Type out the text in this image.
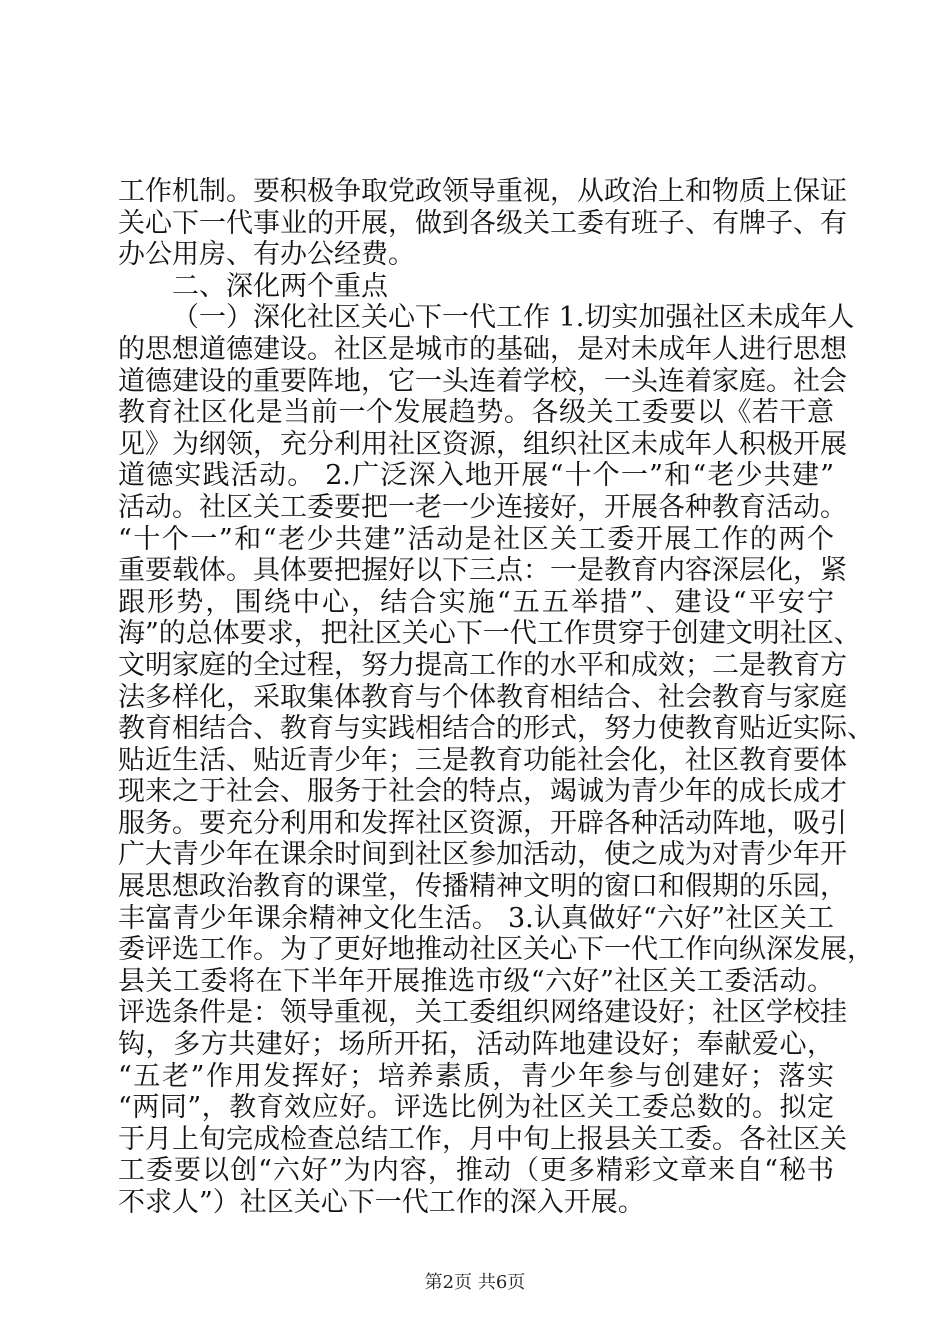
工作机制。要积极争取党政领导重视，从政治上和物质上保证
关心下一代事业的开展，做到各级关工委有班子、有牌子、有
办公用房、有办公经费。
二、深化两个重点
（一）深化社区关心下一代工作 1.切实加强社区未成年人
的思想道德建设。社区是城市的基础，是对未成年人进行思想
道德建设的重要阵地，它一头连着学校，一头连着家庭。社会
教育社区化是当前一个发展趋势。各级关工委要以《若干意
见》为纲领，充分利用社区资源，组织社区未成年人积极开展
道德实践活动。 2.广泛深入地开展“十个一”和“老少共建”
活动。社区关工委要把一老一少连接好，开展各种教育活动。
“十个一”和“老少共建”活动是社区关工委开展工作的两个
重要载体。具体要把握好以下三点：一是教育内容深层化，紧
跟形势，围绕中心，结合实施“五五举措”、建设“平安宁
海”的总体要求，把社区关心下一代工作贯穿于创建文明社区、
文明家庭的全过程，努力提高工作的水平和成效；二是教育方
法多样化，采取集体教育与个体教育相结合、社会教育与家庭
教育相结合、教育与实践相结合的形式，努力使教育贴近实际、
贴近生活、贴近青少年；三是教育功能社会化，社区教育要体
现来之于社会、服务于社会的特点，竭诚为青少年的成长成才
服务。要充分利用和发挥社区资源，开辟各种活动阵地，吸引
广大青少年在课余时间到社区参加活动，使之成为对青少年开
展思想政治教育的课堂，传播精神文明的窗口和假期的乐园，
丰富青少年课余精神文化生活。 3.认真做好“六好”社区关工
委评选工作。为了更好地推动社区关心下一代工作向纵深发展，
县关工委将在下半年开展推选市级“六好”社区关工委活动。
评选条件是：领导重视，关工委组织网络建设好；社区学校挂
钩，多方共建好；场所开拓，活动阵地建设好；奉献爱心，
“五老”作用发挥好；培养素质，青少年参与创建好；落实
“两同”，教育效应好。评选比例为社区关工委总数的。拟定
于月上旬完成检查总结工作，月中旬上报县关工委。各社区关
工委要以创“六好”为内容，推动（更多精彩文章来自“秘书
不求人”）社区关心下一代工作的深入开展。
第2页 共6页
